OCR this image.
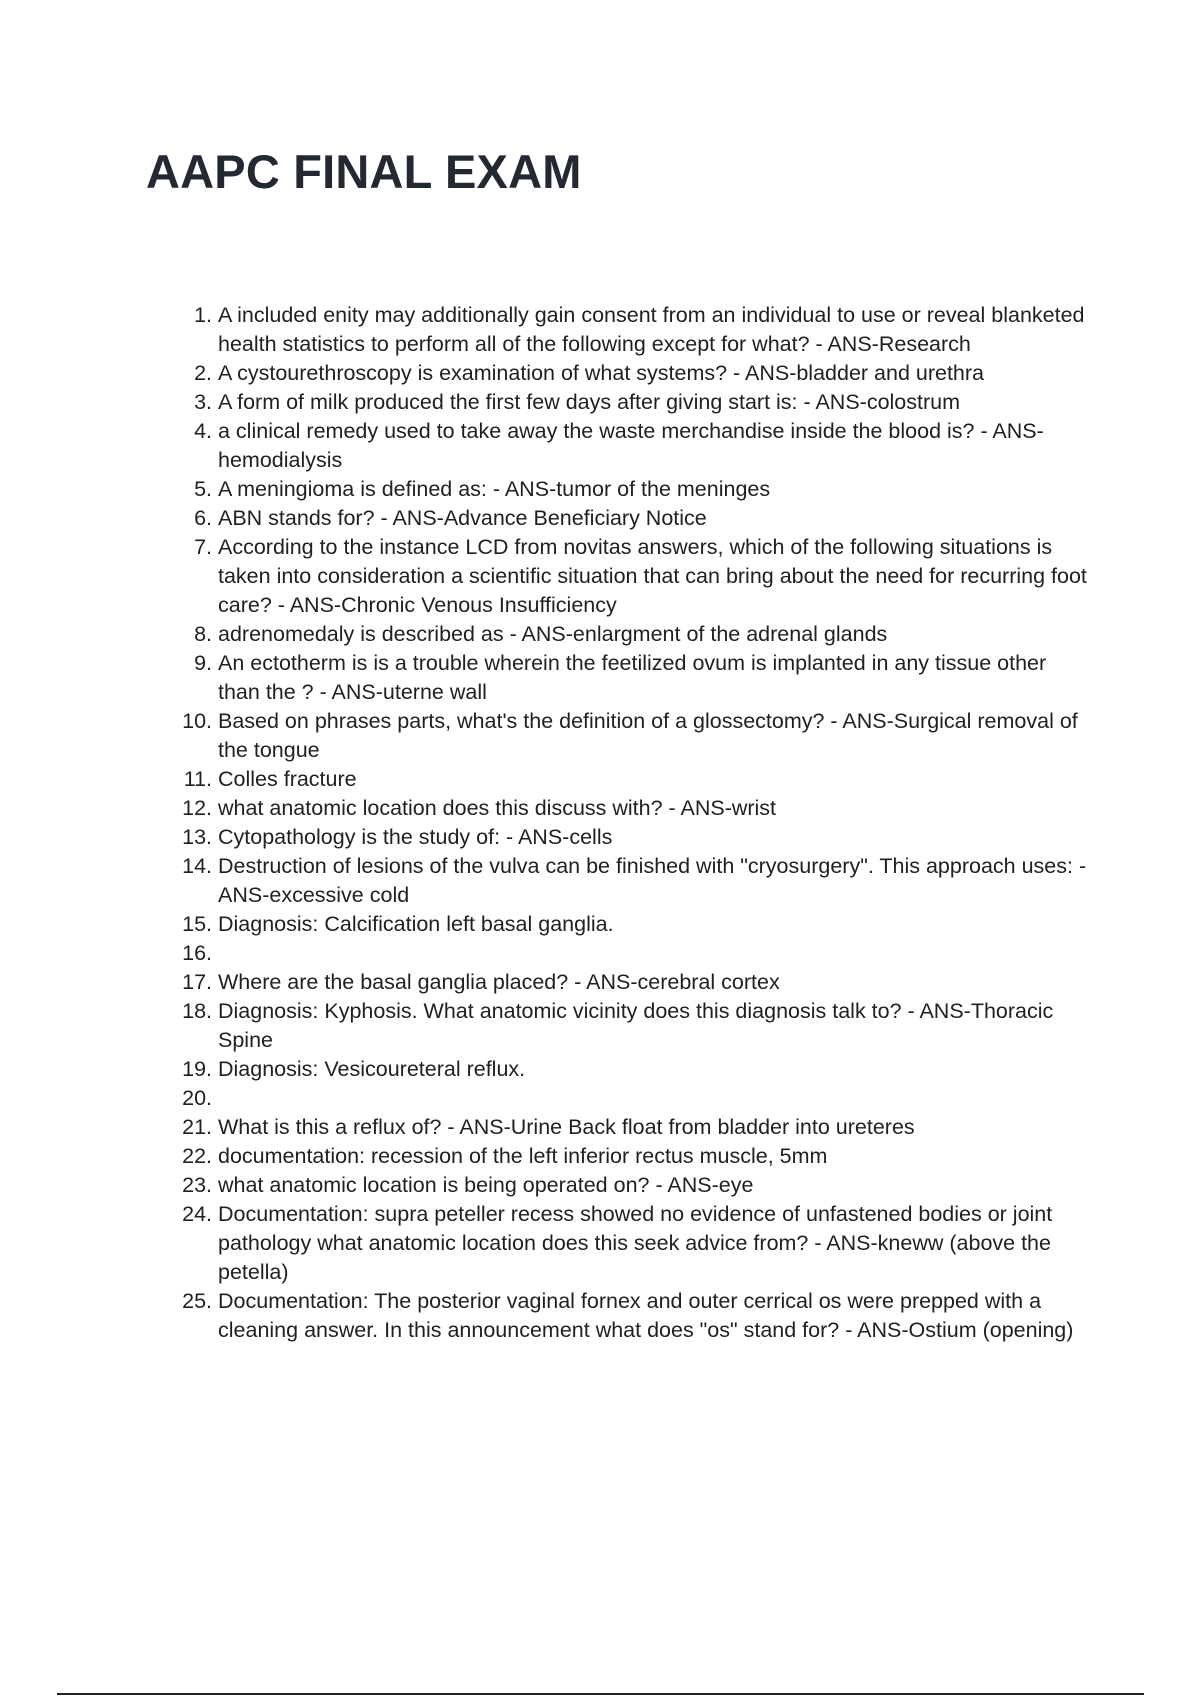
AAPC FINAL EXAM
1. A included enity may additionally gain consent from an individual to use or reveal blanketed health statistics to perform all of the following except for what? - ANS-Research
2. A cystourethroscopy is examination of what systems? - ANS-bladder and urethra
3. A form of milk produced the first few days after giving start is: - ANS-colostrum
4. a clinical remedy used to take away the waste merchandise inside the blood is? - ANS-hemodialysis
5. A meningioma is defined as: - ANS-tumor of the meninges
6. ABN stands for? - ANS-Advance Beneficiary Notice
7. According to the instance LCD from novitas answers, which of the following situations is taken into consideration a scientific situation that can bring about the need for recurring foot care? - ANS-Chronic Venous Insufficiency
8. adrenomedaly is described as - ANS-enlargment of the adrenal glands
9. An ectotherm is is a trouble wherein the feetilized ovum is implanted in any tissue other than the ? - ANS-uterne wall
10. Based on phrases parts, what's the definition of a glossectomy? - ANS-Surgical removal of the tongue
11. Colles fracture
12. what anatomic location does this discuss with? - ANS-wrist
13. Cytopathology is the study of: - ANS-cells
14. Destruction of lesions of the vulva can be finished with "cryosurgery". This approach uses: - ANS-excessive cold
15. Diagnosis: Calcification left basal ganglia.
16.
17. Where are the basal ganglia placed? - ANS-cerebral cortex
18. Diagnosis: Kyphosis. What anatomic vicinity does this diagnosis talk to? - ANS-Thoracic Spine
19. Diagnosis: Vesicoureteral reflux.
20.
21. What is this a reflux of? - ANS-Urine Back float from bladder into ureteres
22. documentation: recession of the left inferior rectus muscle, 5mm
23. what anatomic location is being operated on? - ANS-eye
24. Documentation: supra peteller recess showed no evidence of unfastened bodies or joint pathology what anatomic location does this seek advice from? - ANS-kneww (above the petella)
25. Documentation: The posterior vaginal fornex and outer cerrical os were prepped with a cleaning answer. In this announcement what does "os" stand for? - ANS-Ostium (opening)
